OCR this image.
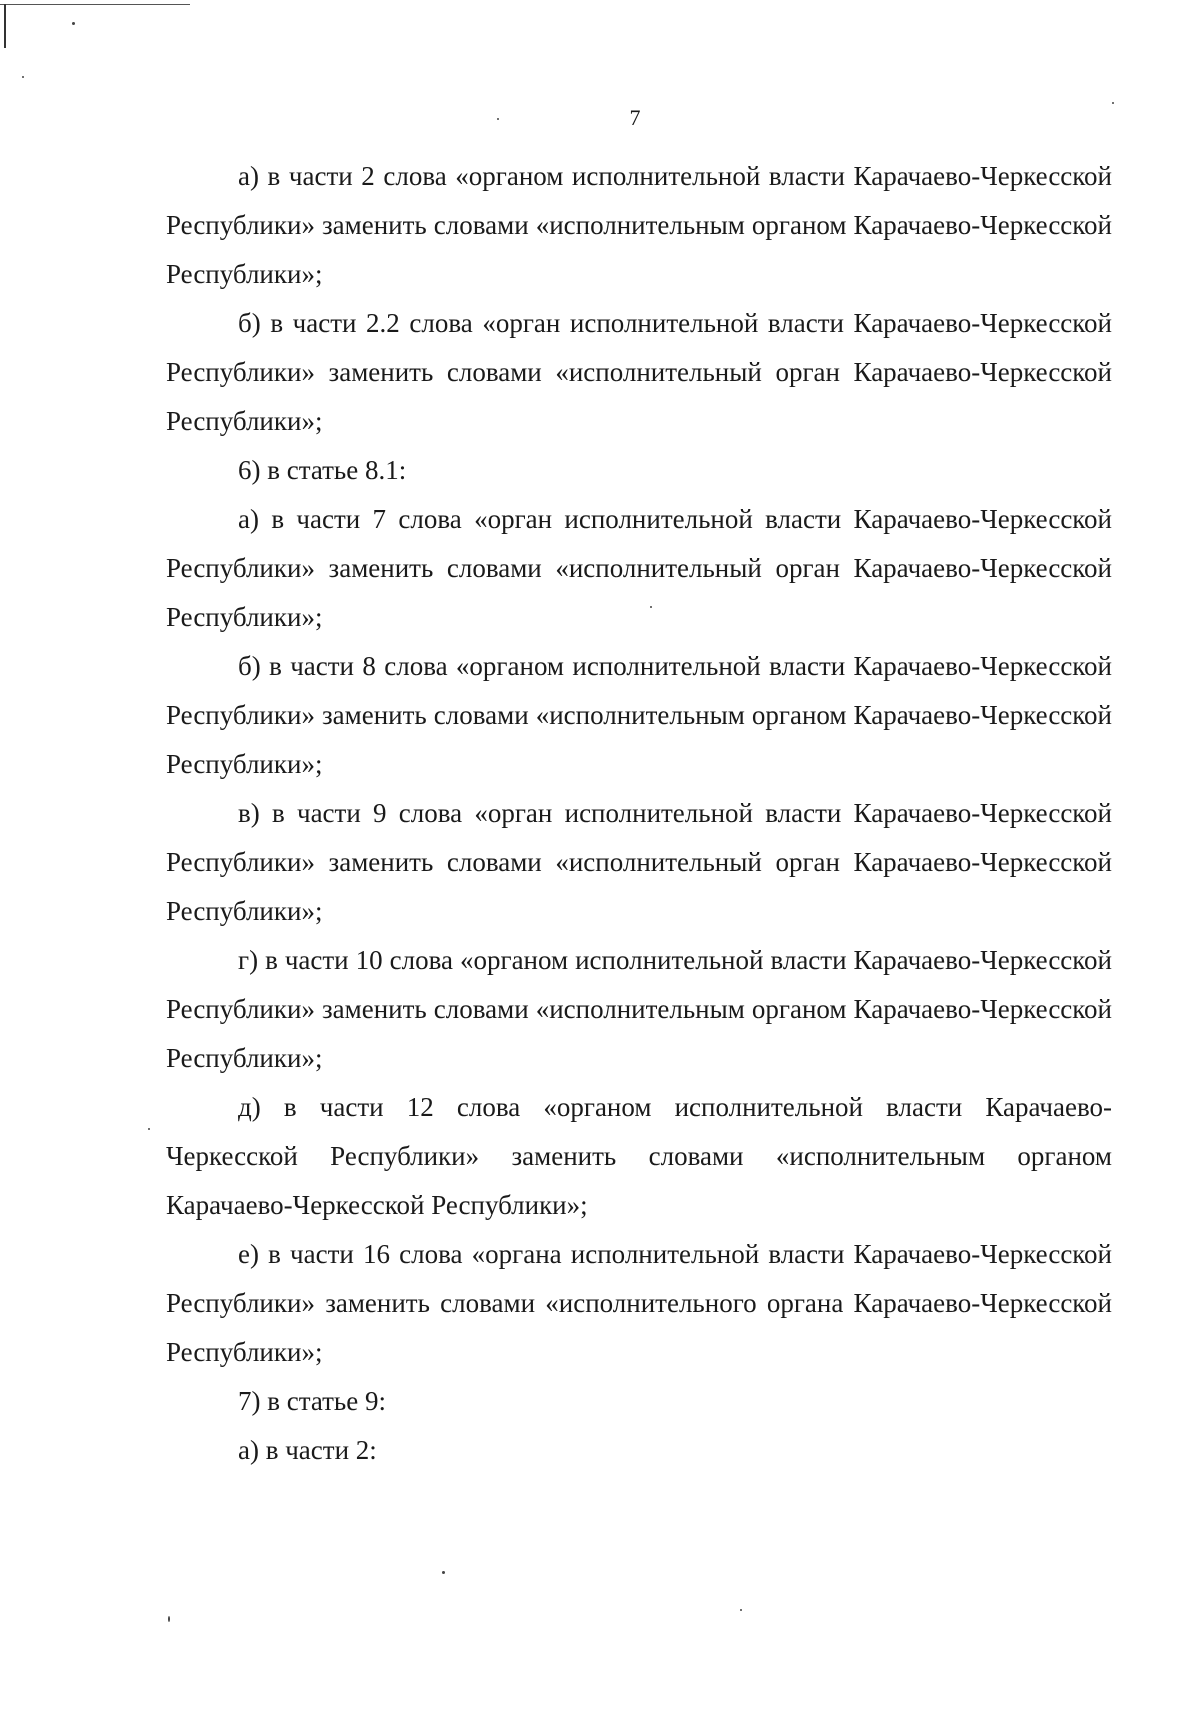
7

а) в части 2 слова «органом исполнительной власти Карачаево-Черкесской Республики» заменить словами «исполнительным органом Карачаево-Черкесской Республики»;

б) в части 2.2 слова «орган исполнительной власти Карачаево-Черкесской Республики» заменить словами «исполнительный орган Карачаево-Черкесской Республики»;

6) в статье 8.1:

а) в части 7 слова «орган исполнительной власти Карачаево-Черкесской Республики» заменить словами «исполнительный орган Карачаево-Черкесской Республики»;

б) в части 8 слова «органом исполнительной власти Карачаево-Черкесской Республики» заменить словами «исполнительным органом Карачаево-Черкесской Республики»;

в) в части 9 слова «орган исполнительной власти Карачаево-Черкесской Республики» заменить словами «исполнительный орган Карачаево-Черкесской Республики»;

г) в части 10 слова «органом исполнительной власти Карачаево-Черкесской Республики» заменить словами «исполнительным органом Карачаево-Черкесской Республики»;

д) в части 12 слова «органом исполнительной власти Карачаево-Черкесской Республики» заменить словами «исполнительным органом Карачаево-Черкесской Республики»;

е) в части 16 слова «органа исполнительной власти Карачаево-Черкесской Республики» заменить словами «исполнительного органа Карачаево-Черкесской Республики»;

7) в статье 9:

а) в части 2:
